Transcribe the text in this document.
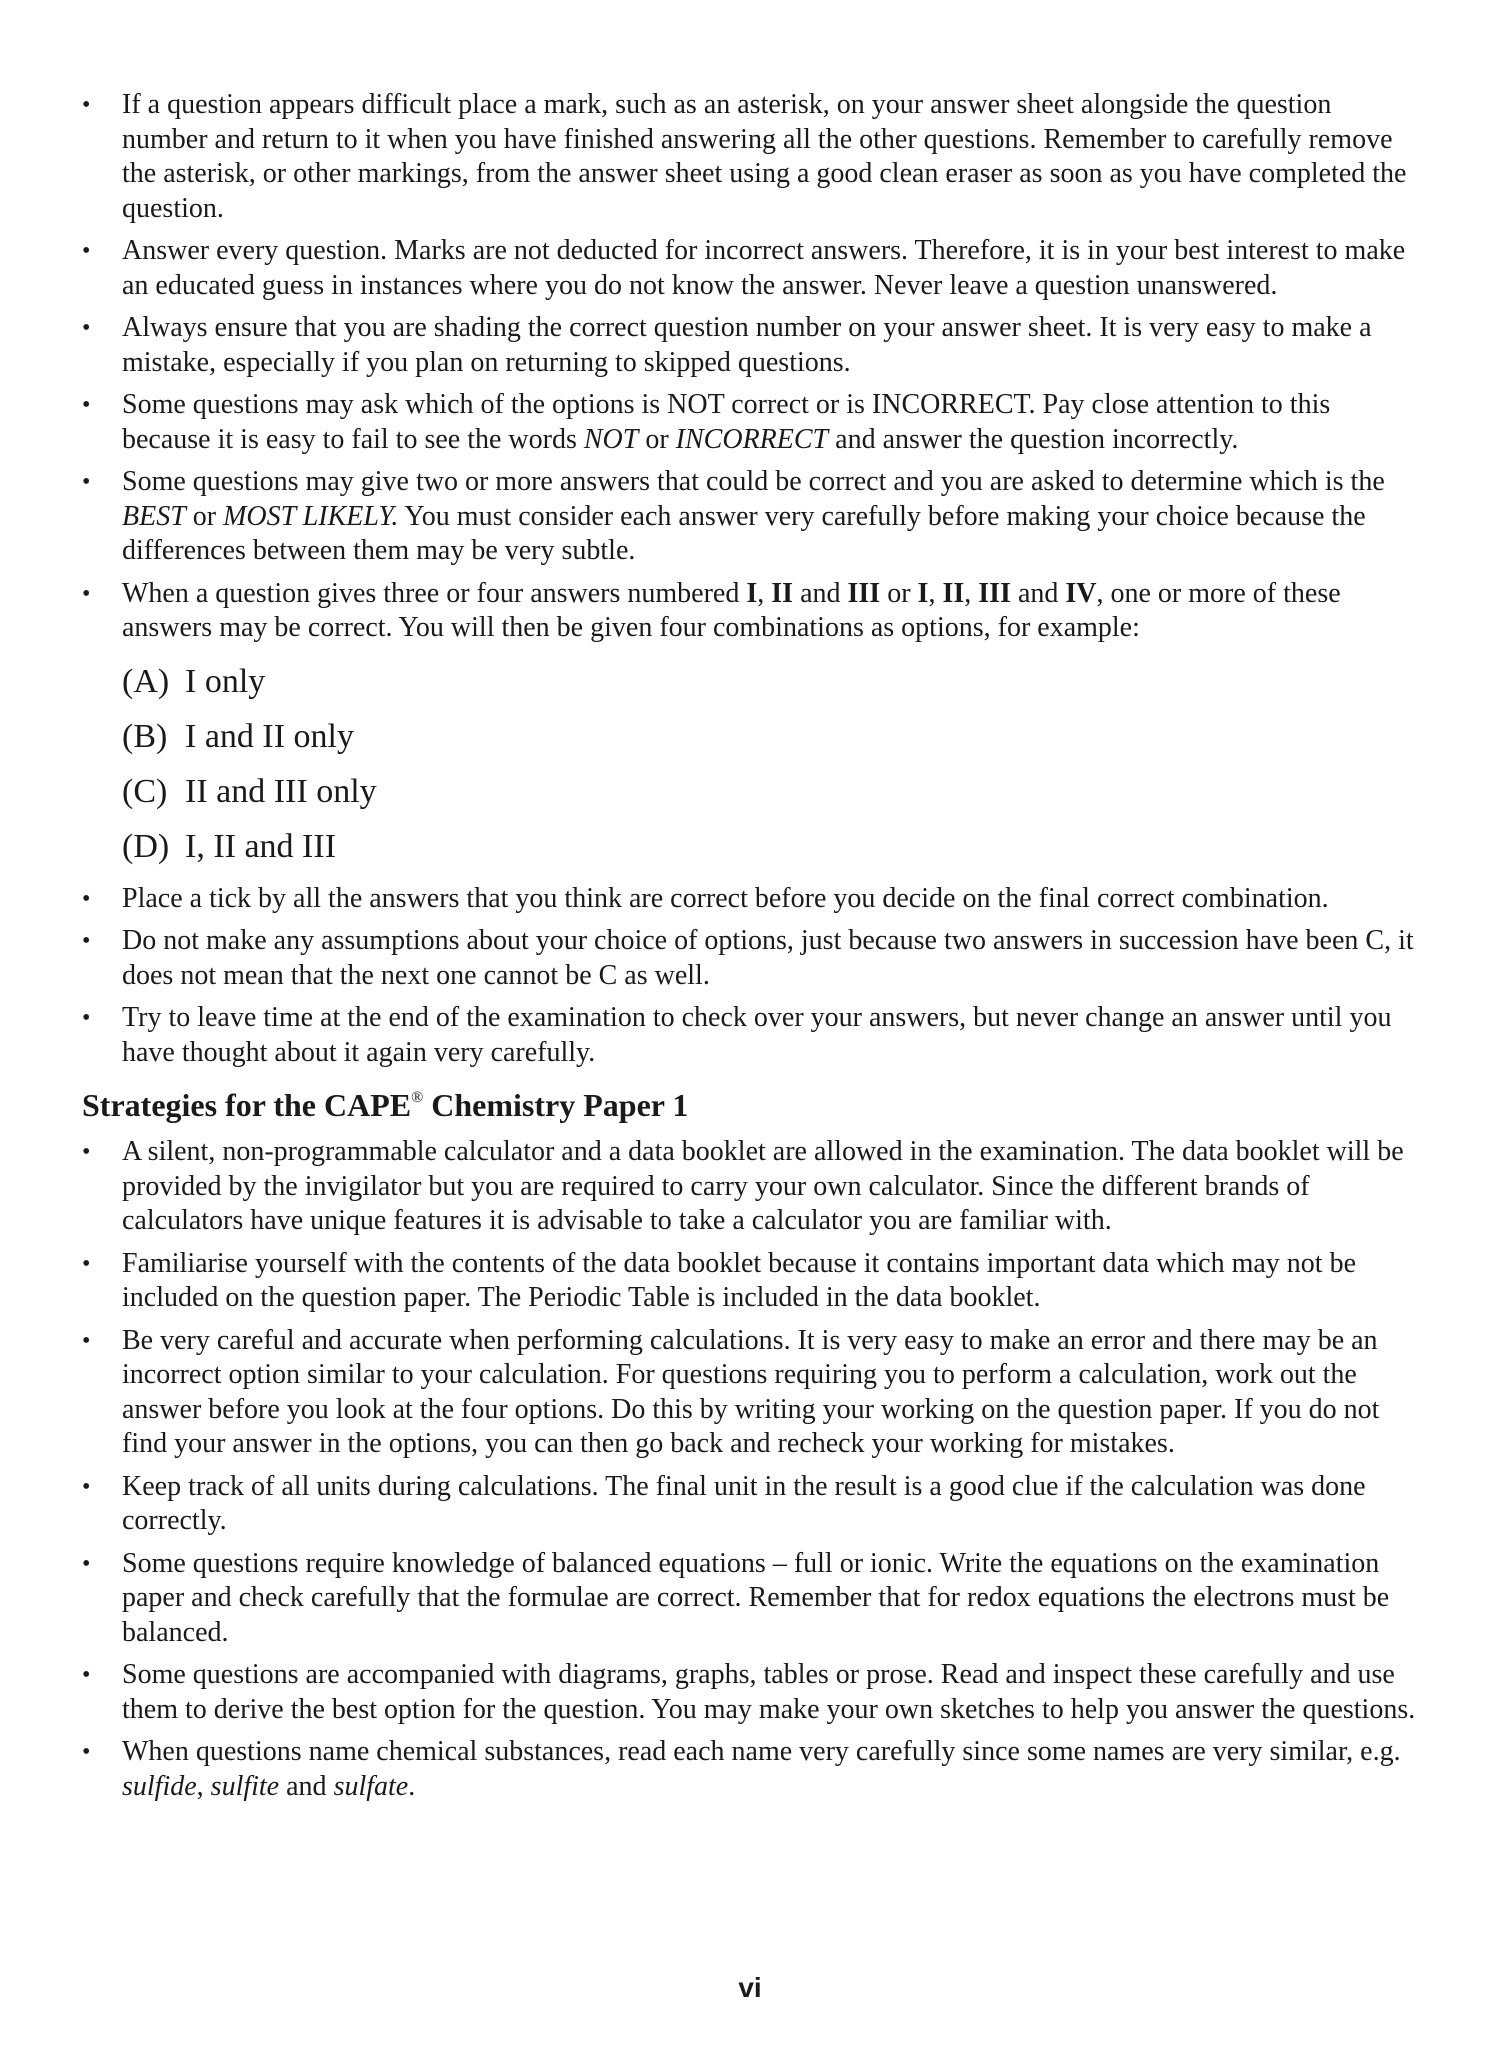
•	If a question appears difficult place a mark, such as an asterisk, on your answer sheet alongside the question number and return to it when you have finished answering all the other questions. Remember to carefully remove the asterisk, or other markings, from the answer sheet using a good clean eraser as soon as you have completed the question.
•	Answer every question. Marks are not deducted for incorrect answers. Therefore, it is in your best interest to make an educated guess in instances where you do not know the answer. Never leave a question unanswered.
•	Always ensure that you are shading the correct question number on your answer sheet. It is very easy to make a mistake, especially if you plan on returning to skipped questions.
•	Some questions may ask which of the options is NOT correct or is INCORRECT. Pay close attention to this because it is easy to fail to see the words NOT or INCORRECT and answer the question incorrectly.
•	Some questions may give two or more answers that could be correct and you are asked to determine which is the BEST or MOST LIKELY. You must consider each answer very carefully before making your choice because the differences between them may be very subtle.
•	When a question gives three or four answers numbered I, II and III or I, II, III and IV, one or more of these answers may be correct. You will then be given four combinations as options, for example:
(A) I only
(B) I and II only
(C) II and III only
(D) I, II and III
•	Place a tick by all the answers that you think are correct before you decide on the final correct combination.
•	Do not make any assumptions about your choice of options, just because two answers in succession have been C, it does not mean that the next one cannot be C as well.
•	Try to leave time at the end of the examination to check over your answers, but never change an answer until you have thought about it again very carefully.
Strategies for the CAPE® Chemistry Paper 1
•	A silent, non-programmable calculator and a data booklet are allowed in the examination. The data booklet will be provided by the invigilator but you are required to carry your own calculator. Since the different brands of calculators have unique features it is advisable to take a calculator you are familiar with.
•	Familiarise yourself with the contents of the data booklet because it contains important data which may not be included on the question paper. The Periodic Table is included in the data booklet.
•	Be very careful and accurate when performing calculations. It is very easy to make an error and there may be an incorrect option similar to your calculation. For questions requiring you to perform a calculation, work out the answer before you look at the four options. Do this by writing your working on the question paper. If you do not find your answer in the options, you can then go back and recheck your working for mistakes.
•	Keep track of all units during calculations. The final unit in the result is a good clue if the calculation was done correctly.
•	Some questions require knowledge of balanced equations – full or ionic. Write the equations on the examination paper and check carefully that the formulae are correct. Remember that for redox equations the electrons must be balanced.
•	Some questions are accompanied with diagrams, graphs, tables or prose. Read and inspect these carefully and use them to derive the best option for the question. You may make your own sketches to help you answer the questions.
•	When questions name chemical substances, read each name very carefully since some names are very similar, e.g. sulfide, sulfite and sulfate.
vi
